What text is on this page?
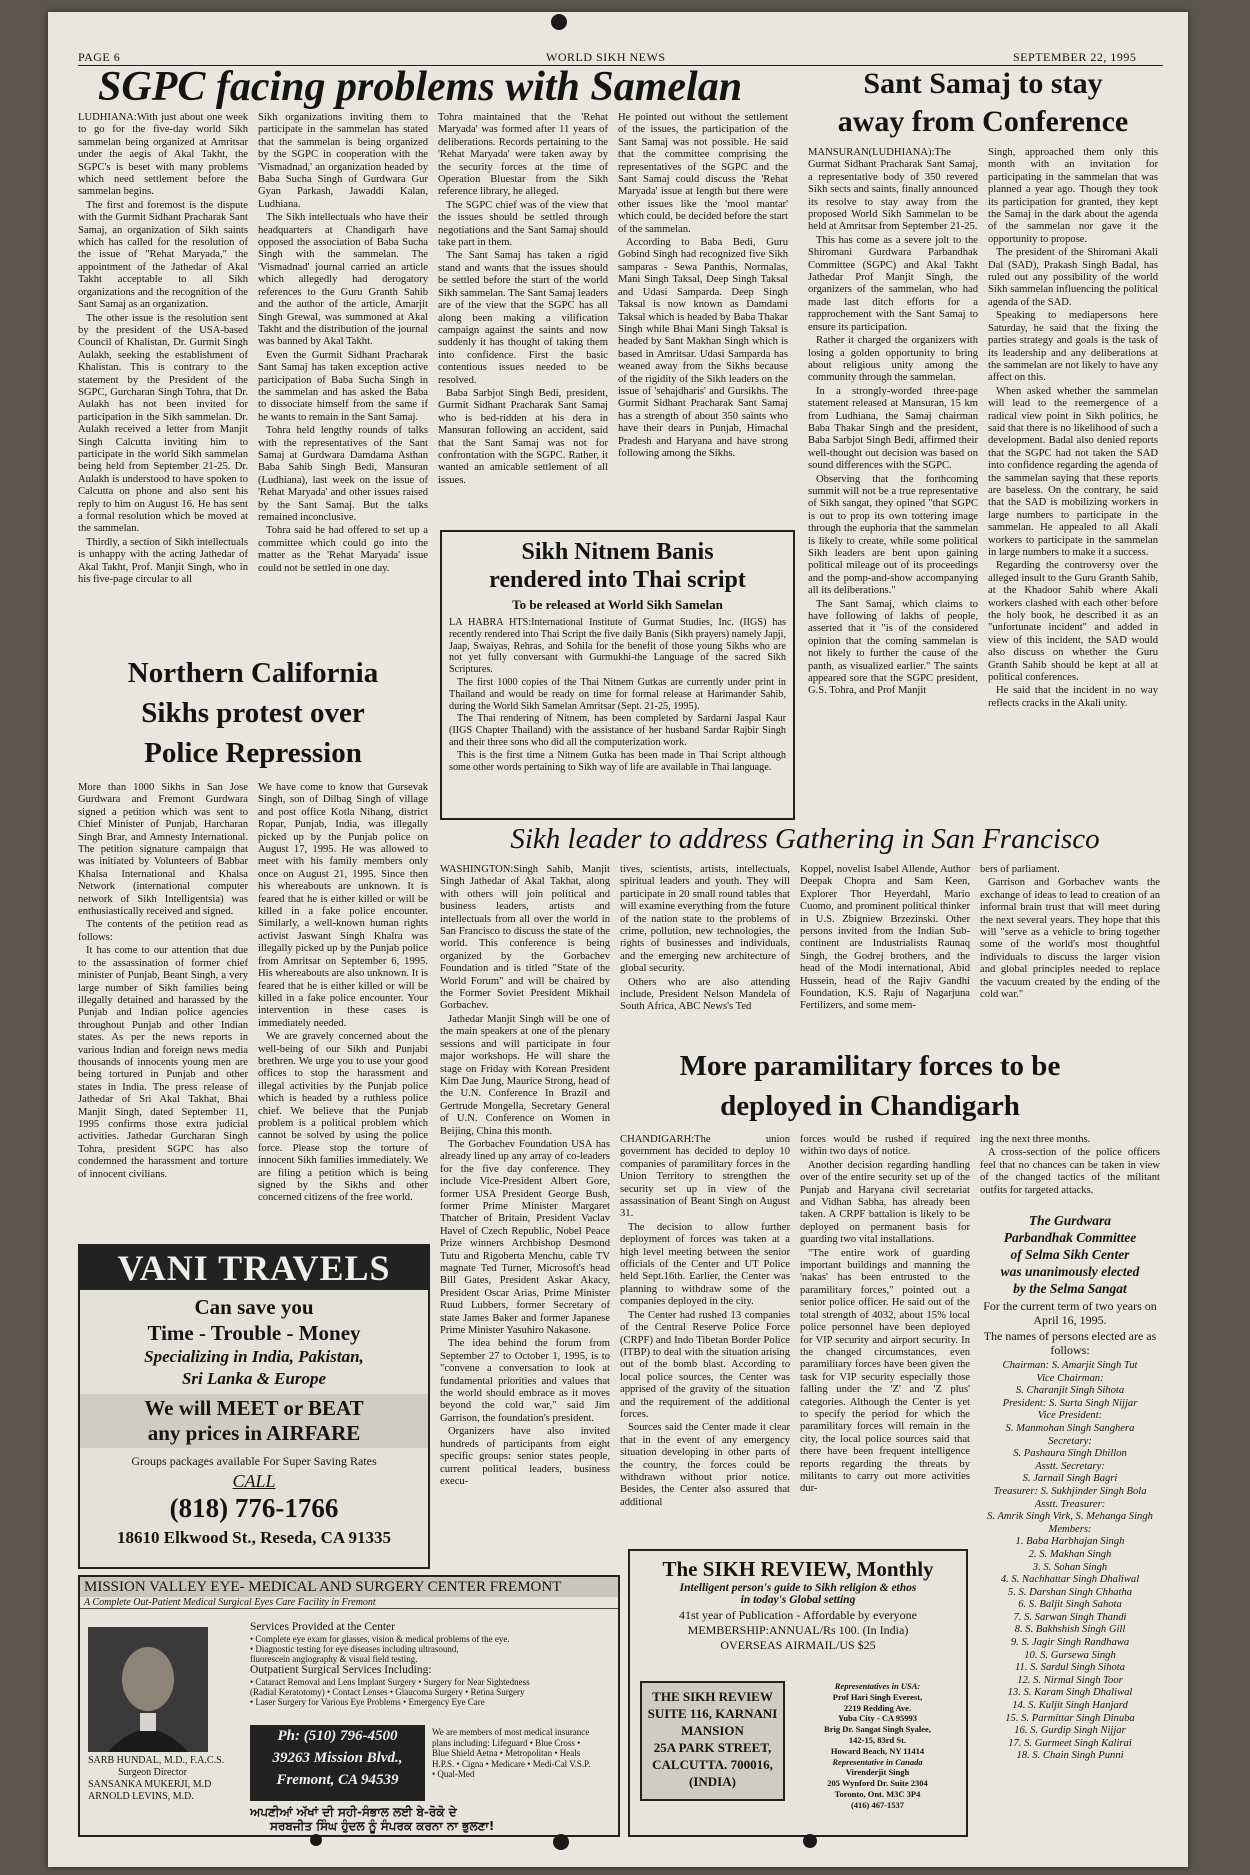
PAGE 6	WORLD SIKH NEWS	SEPTEMBER 22, 1995
SGPC facing problems with Samelan

LUDHIANA:With just about one week to go for the five-day world Sikh sammelan being organized at Amritsar under the aegis of Akal Takht, the SGPC's is beset with many problems which need settlement before the sammelan begins.

The first and foremost is the dispute with the Gurmit Sidhant Pracharak Sant Samaj, an organization of Sikh saints which has called for the resolution of the issue of "Rehat Maryada," the appointment of the Jathedar of Akal Takht acceptable to all Sikh organizations and the recognition of the Sant Samaj as an organization.

The other issue is the resolution sent by the president of the USA-based Council of Khalistan, Dr. Gurmit Singh Aulakh, seeking the establishment of Khalistan. This is contrary to the statement by the President of the SGPC, Gurcharan Singh Tohra, that Dr. Aulakh has not been invited for participation in the Sikh sammelan. Dr. Aulakh received a letter from Manjit Singh Calcutta inviting him to participate in the world Sikh sammelan being held from September 21-25. Dr. Aulakh is understood to have spoken to Calcutta on phone and also sent his reply to him on August 16. He has sent a formal resolution which be moved at the sammelan.

Thirdly, a section of Sikh intellectuals is unhappy with the acting Jathedar of Akal Takht, Prof. Manjit Singh, who in his five-page circular to all

Sikh organizations inviting them to participate in the sammelan has stated that the sammelan is being organized by the SGPC in cooperation with the 'Vismadnad,' an organization headed by Baba Sucha Singh of Gurdwara Gur Gyan Parkash, Jawaddi Kalan, Ludhiana.

The Sikh intellectuals who have their headquarters at Chandigarh have opposed the association of Baba Sucha Singh with the sammelan. The 'Vismadnad' journal carried an article which allegedly had derogatory references to the Guru Granth Sahib and the author of the article, Amarjit Singh Grewal, was summoned at Akal Takht and the distribution of the journal was banned by Akal Takht.

Even the Gurmit Sidhant Pracharak Sant Samaj has taken exception active participation of Baba Sucha Singh in the sammelan and has asked the Baba to dissociate himself from the same if he wants to remain in the Sant Samaj.

Tohra held lengthy rounds of talks with the representatives of the Sant Samaj at Gurdwara Damdama Asthan Baba Sahib Singh Bedi, Mansuran (Ludhiana), last week on the issue of 'Rehat Maryada' and other issues raised by the Sant Samaj. But the talks remained inconclusive.

Tohra said he had offered to set up a committee which could go into the matter as the 'Rehat Maryada' issue could not be settled in one day.

Tohra maintained that the 'Rehat Maryada' was formed after 11 years of deliberations. Records pertaining to the 'Rehat Maryada' were taken away by the security forces at the time of Operation Bluestar from the Sikh reference library, he alleged.

The SGPC chief was of the view that the issues should be settled through negotiations and the Sant Samaj should take part in them.

The Sant Samaj has taken a rigid stand and wants that the issues should be settled before the start of the world Sikh sammelan. The Sant Samaj leaders are of the view that the SGPC has all along been making a vilification campaign against the saints and now suddenly it has thought of taking them into confidence. First the basic contentious issues needed to be resolved.

Baba Sarbjot Singh Bedi, president, Gurmit Sidhant Pracharak Sant Samaj who is bed-ridden at his dera in Mansuran following an accident, said that the Sant Samaj was not for confrontation with the SGPC. Rather, it wanted an amicable settlement of all issues.

He pointed out without the settlement of the issues, the participation of the Sant Samaj was not possible. He said that the committee comprising the representatives of the SGPC and the Sant Samaj could discuss the 'Rehat Maryada' issue at length but there were other issues like the 'mool mantar' which could, be decided before the start of the sammelan.

According to Baba Bedi, Guru Gobind Singh had recognized five Sikh samparas - Sewa Panthis, Normalas, Mani Singh Taksal, Deep Singh Taksal and Udasi Samparda. Deep Singh Taksal is now known as Damdami Taksal which is headed by Baba Thakar Singh while Bhai Mani Singh Taksal is headed by Sant Makhan Singh which is based in Amritsar. Udasi Samparda has weaned away from the Sikhs because of the rigidity of the Sikh leaders on the issue of 'sehajdharis' and Gursikhs. The Gurmit Sidhant Pracharak Sant Samaj has a strength of about 350 saints who have their dears in Punjab, Himachal Pradesh and Haryana and have strong following among the Sikhs.

Sant Samaj to stay
away from Conference

MANSURAN(LUDHIANA):The Gurmat Sidhant Pracharak Sant Samaj, a representative body of 350 revered Sikh sects and saints, finally announced its resolve to stay away from the proposed World Sikh Sammelan to be held at Amritsar from September 21-25.

This has come as a severe jolt to the Shiromani Gurdwara Parbandhak Committee (SGPC) and Akal Takht Jathedar Prof Manjit Singh, the organizers of the sammelan, who had made last ditch efforts for a rapprochement with the Sant Samaj to ensure its participation.

Rather it charged the organizers with losing a golden opportunity to bring about religious unity among the community through the sammelan.

In a strongly-worded three-page statement released at Mansuran, 15 km from Ludhiana, the Samaj chairman Baba Thakar Singh and the president, Baba Sarbjot Singh Bedi, affirmed their well-thought out decision was based on sound differences with the SGPC.

Observing that the forthcoming summit will not be a true representative of Sikh sangat, they opined "that SGPC is out to prop its own tottering image through the euphoria that the sammelan is likely to create, while some political Sikh leaders are bent upon gaining political mileage out of its proceedings and the pomp-and-show accompanying all its deliberations."

The Sant Samaj, which claims to have following of lakhs of people, asserted that it "is of the considered opinion that the coming sammelan is not likely to further the cause of the panth, as visualized earlier." The saints appeared sore that the SGPC president, G.S. Tohra, and Prof Manjit

Singh, approached them only this month with an invitation for participating in the sammelan that was planned a year ago. Though they took its participation for granted, they kept the Samaj in the dark about the agenda of the sammelan nor gave it the opportunity to propose.

The president of the Shiromani Akali Dal (SAD), Prakash Singh Badal, has ruled out any possibility of the world Sikh sammelan influencing the political agenda of the SAD.

Speaking to mediapersons here Saturday, he said that the fixing the parties strategy and goals is the task of its leadership and any deliberations at the sammelan are not likely to have any affect on this.

When asked whether the sammelan will lead to the reemergence of a radical view point in Sikh politics, he said that there is no likelihood of such a development. Badal also denied reports that the SGPC had not taken the SAD into confidence regarding the agenda of the sammelan saying that these reports are baseless. On the contrary, he said that the SAD is mobilizing workers in large numbers to participate in the sammelan. He appealed to all Akali workers to participate in the sammelan in large numbers to make it a success.

Regarding the controversy over the alleged insult to the Guru Granth Sahib, at the Khadoor Sahib where Akali workers clashed with each other before the holy book, he described it as an "unfortunate incident" and added in view of this incident, the SAD would also discuss on whether the Guru Granth Sahib should be kept at all at political conferences.

He said that the incident in no way reflects cracks in the Akali unity.

Sikh Nitnem Banis
rendered into Thai script
To be released at World Sikh Samelan

LA HABRA HTS:International Institute of Gurmat Studies, Inc. (IIGS) has recently rendered into Thai Script the five daily Banis (Sikh prayers) namely Japji, Jaap, Swaiyas, Rehras, and Sohila for the benefit of those young Sikhs who are not yet fully conversant with Gurmukhi-the Language of the sacred Sikh Scriptures.

The first 1000 copies of the Thai Nitnem Gutkas are currently under print in Thailand and would be ready on time for formal release at Harimander Sahib, during the World Sikh Samelan Amritsar (Sept. 21-25, 1995).

The Thai rendering of Nitnem, has been completed by Sardarni Jaspal Kaur (IIGS Chapter Thailand) with the assistance of her husband Sardar Rajbir Singh and their three sons who did all the computerization work.

This is the first time a Nitnem Gutka has been made in Thai Script although some other words pertaining to Sikh way of life are available in Thai language.

Northern California
Sikhs protest over
Police Repression

More than 1000 Sikhs in San Jose Gurdwara and Fremont Gurdwara signed a petition which was sent to Chief Minister of Punjab, Harcharan Singh Brar, and Amnesty International. The petition signature campaign that was initiated by Volunteers of Babbar Khalsa International and Khalsa Network (international computer network of Sikh Intelligentsia) was enthusiastically received and signed.

The contents of the petition read as follows:

It has come to our attention that due to the assassination of former chief minister of Punjab, Beant Singh, a very large number of Sikh families being illegally detained and harassed by the Punjab and Indian police agencies throughout Punjab and other Indian states. As per the news reports in various Indian and foreign news media thousands of innocents young men are being tortured in Punjab and other states in India. The press release of Jathedar of Sri Akal Takhat, Bhai Manjit Singh, dated September 11, 1995 confirms those extra judicial activities. Jathedar Gurcharan Singh Tohra, president SGPC has also condemned the harassment and torture of innocent civilians.

We have come to know that Gursevak Singh, son of Dilbag Singh of village and post office Kotla Nihang, district Ropar, Punjab, India, was illegally picked up by the Punjab police on August 17, 1995. He was allowed to meet with his family members only once on August 21, 1995. Since then his whereabouts are unknown. It is feared that he is either killed or will be killed in a fake police encounter. Similarly, a well-known human rights activist Jaswant Singh Khalra was illegally picked up by the Punjab police from Amritsar on September 6, 1995. His whereabouts are also unknown. It is feared that he is either killed or will be killed in a fake police encounter. Your intervention in these cases is immediately needed.

We are gravely concerned about the well-being of our Sikh and Punjabi brethren. We urge you to use your good offices to stop the harassment and illegal activities by the Punjab police which is headed by a ruthless police chief. We believe that the Punjab problem is a political problem which cannot be solved by using the police force. Please stop the torture of innocent Sikh families immediately. We are filing a petition which is being signed by the Sikhs and other concerned citizens of the free world.

Sikh leader to address Gathering in San Francisco

WASHINGTON:Singh Sahib, Manjit Singh Jathedar of Akal Takhat, along with others will join political and business leaders, artists and intellectuals from all over the world in San Francisco to discuss the state of the world. This conference is being organized by the Gorbachev Foundation and is titled "State of the World Forum" and will be chaired by the Former Soviet President Mikhail Gorbachev.

Jathedar Manjit Singh will be one of the main speakers at one of the plenary sessions and will participate in four major workshops. He will share the stage on Friday with Korean President Kim Dae Jung, Maurice Strong, head of the U.N. Conference In Brazil and Gertrude Mongella, Secretary General of U.N. Conference on Women in Beijing, China this month.

The Gorbachev Foundation USA has already lined up any array of co-leaders for the five day conference. They include Vice-President Albert Gore, former USA President George Bush, former Prime Minister Margaret Thatcher of Britain, President Vaclav Havel of Czech Republic, Nobel Peace Prize winners Archbishop Desmond Tutu and Rigoberta Menchu, cable TV magnate Ted Turner, Microsoft's head Bill Gates, President Askar Akacy, President Oscar Arias, Prime Minister Ruud Lubbers, former Secretary of state James Baker and former Japanese Prime Minister Yasuhiro Nakasone.

The idea behind the forum from September 27 to October 1, 1995, is to "convene a conversation to look at fundamental priorities and values that the world should embrace as it moves beyond the cold war," said Jim Garrison, the foundation's president.

Organizers have also invited hundreds of participants from eight specific groups: senior states people, current political leaders, business execu-

tives, scientists, artists, intellectuals, spiritual leaders and youth. They will participate in 20 small round tables that will examine everything from the future of the nation state to the problems of crime, pollution, new technologies, the rights of businesses and individuals, and the emerging new architecture of global security.

Others who are also attending include, President Nelson Mandela of South Africa, ABC News's Ted

Koppel, novelist Isabel Allende, Author Deepak Chopra and Sam Keen, Explorer Thor Heyerdahl, Mario Cuomo, and prominent political thinker in U.S. Zbigniew Brzezinski. Other persons invited from the Indian Sub-continent are Industrialists Raunaq Singh, the Godrej brothers, and the head of the Modi international, Abid Hussein, head of the Rajiv Gandhi Foundation, K.S. Raju of Nagarjuna Fertilizers, and some mem-

bers of parliament.

Garrison and Gorbachev wants the exchange of ideas to lead to creation of an informal brain trust that will meet during the next several years. They hope that this will "serve as a vehicle to bring together some of the world's most thoughtful individuals to discuss the larger vision and global principles needed to replace the vacuum created by the ending of the cold war."

More paramilitary forces to be
deployed in Chandigarh

CHANDIGARH:The union government has decided to deploy 10 companies of paramilitary forces in the Union Territory to strengthen the security set up in view of the assassination of Beant Singh on August 31.

The decision to allow further deployment of forces was taken at a high level meeting between the senior officials of the Center and UT Police held Sept.16th. Earlier, the Center was planning to withdraw some of the companies deployed in the city.

The Center had rushed 13 companies of the Central Reserve Police Force (CRPF) and Indo Tibetan Border Police (ITBP) to deal with the situation arising out of the bomb blast. According to local police sources, the Center was apprised of the gravity of the situation and the requirement of the additional forces.

Sources said the Center made it clear that in the event of any emergency situation developing in other parts of the country, the forces could be withdrawn without prior notice. Besides, the Center also assured that additional

forces would be rushed if required within two days of notice.

Another decision regarding handling over of the entire security set up of the Punjab and Haryana civil secretariat and Vidhan Sabha, has already been taken. A CRPF battalion is likely to be deployed on permanent basis for guarding two vital installations.

"The entire work of guarding important buildings and manning the 'nakas' has been entrusted to the paramilitary forces," pointed out a senior police officer. He said out of the total strength of 4032, about 15% local police personnel have been deployed for VIP security and airport security. In the changed circumstances, even paramilitary forces have been given the task for VIP security especially those falling under the 'Z' and 'Z plus' categories. Although the Center is yet to specify the period for which the paramilitary forces will remain in the city, the local police sources said that there have been frequent intelligence reports regarding the threats by militants to carry out more activities dur-

ing the next three months.

A cross-section of the police officers feel that no chances can be taken in view of the changed tactics of the militant outfits for targeted attacks.

The Gurdwara
Parbandhak Committee
of Selma Sikh Center
was unanimously elected
by the Selma Sangat
For the current term of two years on April 16, 1995.
The names of persons elected are as follows:
Chairman: S. Amarjit Singh Tut
Vice Chairman:
S. Charanjit Singh Sihota
President: S. Surta Singh Nijjar
Vice President:
S. Manmohan Singh Sanghera
Secretary:
S. Pashaura Singh Dhillon
Asstt. Secretary:
S. Jarnail Singh Bagri
Treasurer: S. Sukhjinder Singh Bola
Asstt. Treasurer:
S. Amrik Singh Virk, S. Mehanga Singh
Members:
1. Baba Harbhajan Singh
2. S. Makhan Singh
3. S. Sohan Singh
4. S. Nachhattar Singh Dhaliwal
5. S. Darshan Singh Chhatha
6. S. Baljit Singh Sahota
7. S. Sarwan Singh Thandi
8. S. Bakhshish Singh Gill
9. S. Jagir Singh Randhawa
10. S. Gursewa Singh
11. S. Sardul Singh Sihota
12. S. Nirmal Singh Toor
13. S. Karam Singh Dhaliwal
14. S. Kuljit Singh Hanjard
15. S. Parmittar Singh Dinuba
16. S. Gurdip Singh Nijjar
17. S. Gurmeet Singh Kalirai
18. S. Chain Singh Punni
VANI TRAVELS
Can save you
Time - Trouble - Money
Specializing in India, Pakistan,
Sri Lanka & Europe
We will MEET or BEAT
any prices in AIRFARE
Groups packages available For Super Saving Rates
CALL
(818) 776-1766
18610 Elkwood St., Reseda, CA 91335
MISSION VALLEY EYE- MEDICAL AND SURGERY CENTER FREMONT
A Complete Out-Patient Medical Surgical Eyes Care Facility in Fremont
SARB HUNDAL, M.D., F.A.C.S.
Surgeon Director
SANSANKA MUKERJI, M.D
ARNOLD LEVINS, M.D.
Services Provided at the Center
• Complete eye exam for glasses, vision & medical problems of the eye.
• Diagnostic testing for eye diseases including ultrasound,
fluorescein angiography & visual field testing.
Outpatient Surgical Services Including:
• Cataract Removal and Lens Implant Surgery • Surgery for Near Sightedness
(Radial Keratotomy) • Contact Lenses • Glaucoma Surgery • Retina Surgery
• Laser Surgery for Various Eye Problems • Emergency Eye Care
Ph: (510) 796-4500
39263 Mission Blvd.,
Fremont, CA 94539
We are members of most medical insurance plans including: Lifeguard • Blue Cross • Blue Shield Aetna • Metropolitan • Heals H.P.S. • Cigna • Medicare • Medi-Cal V.S.P. • Qual-Med
ਅਪਣੀਆਂ ਅੱਖਾਂ ਦੀ ਸਹੀ-ਸੰਭਾਲ ਲਈ ਬੇ-ਰੋਕੋ ਦੇ
ਸਰਬਜੀਤ ਸਿੰਘ ਹੁੰਦਲ ਨੂੰ ਸੰਪਰਕ ਕਰਨਾ ਨਾ ਭੁਲਣਾ!
The SIKH REVIEW, Monthly
Intelligent person's guide to Sikh religion & ethos
in today's Global setting
41st year of Publication - Affordable by everyone
MEMBERSHIP:ANNUAL/Rs 100. (In India)
OVERSEAS AIRMAIL/US $25
THE SIKH REVIEW
SUITE 116, KARNANI
MANSION
25A PARK STREET,
CALCUTTA. 700016,
(INDIA)
Representatives in USA:
Prof Hari Singh Everest,
2219 Redding Ave.
Yuba City - CA 95993
Brig Dr. Sangat Singh Syalee,
142-15, 83rd St.
Howard Beach, NY 11414
Representative in Canada
Virenderjit Singh
205 Wynford Dr. Suite 2304
Toronto, Ont. M3C 3P4
(416) 467-1537
